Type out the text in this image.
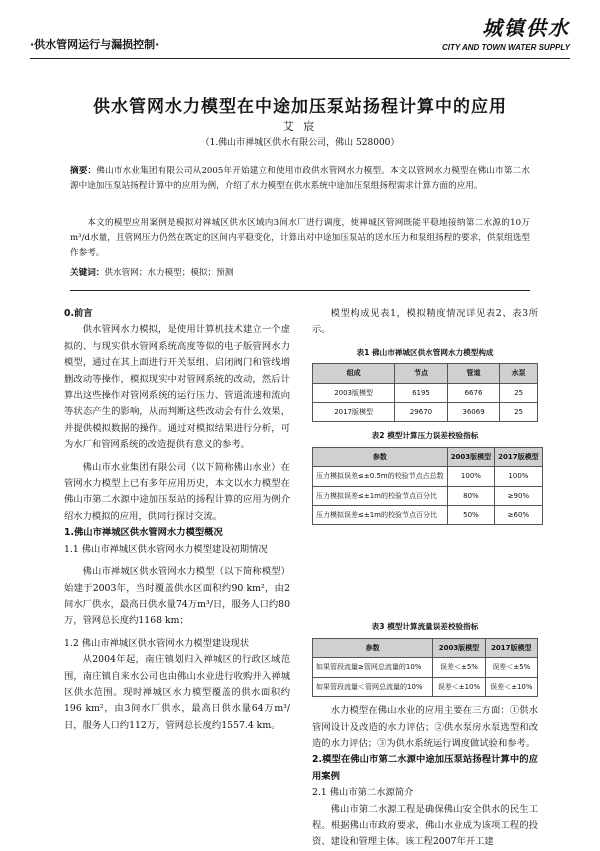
·供水管网运行与漏损控制·
城镇供水
CITY AND TOWN WATER SUPPLY
供水管网水力模型在中途加压泵站扬程计算中的应用
艾 宸
（1.佛山市禅城区供水有限公司，佛山 528000）
摘要：佛山市水业集团有限公司从2005年开始建立和使用市政供水管网水力模型。本文以管网水力模型在佛山市第二水源中途加压泵站扬程计算中的应用为例，介绍了水力模型在供水系统中途加压泵组扬程需求计算方面的应用。
本文的模型应用案例是模拟对禅城区供水区域内3间水厂进行调度，使禅城区管网既能平稳地接纳第二水源的10万m³/d水量，且管网压力仍然在既定的区间内平稳变化，计算出对中途加压泵站的送水压力和泵组扬程的要求，供泵组选型作参考。
关键词：供水管网；水力模型；模拟；预测

0.前言

供水管网水力模拟，是使用计算机技术建立一个虚拟的、与现实供水管网系统高度等似的电子版管网水力模型，通过在其上面进行开关泵组、启闭阀门和管线增删改动等操作，模拟现实中对管网系统的改动，然后计算出这些操作对管网系统的运行压力、管道流速和流向等状态产生的影响，从而判断这些改动会有什么效果，并提供模拟数据的操作。通过对模拟结果进行分析，可为水厂和管网系统的改造提供有意义的参考。

佛山市水业集团有限公司（以下简称佛山水业）在管网水力模型上已有多年应用历史，本文以水力模型在佛山市第二水源中途加压泵站的扬程计算的应用为例介绍水力模拟的应用，供同行探讨交流。

1.佛山市禅城区供水管网水力模型概况

1.1 佛山市禅城区供水管网水力模型建设初期情况

佛山市禅城区供水管网水力模型（以下简称模型）始建于2003年，当时覆盖供水区面积约90 km²，由2间水厂供水，最高日供水量74万m³/日，服务人口约80万，管网总长度约1168 km；

1.2 佛山市禅城区供水管网水力模型建设现状

从2004年起，南庄镇划归入禅城区的行政区域范围，南庄镇自来水公司也由佛山水业进行收购并入禅城区供水范围。现时禅城区水力模型覆盖的供水面积约196 km²，由3间水厂供水，最高日供水量64万m³/日，服务人口约112万，管网总长度约1557.4 km。

模型构成见表1，模拟精度情况详见表2、表3所示。

表1 佛山市禅城区供水管网水力模型构成
组成	节点	管道	水泵
2003版模型	6195	6676	25
2017版模型	29670	36069	25
表2 模型计算压力误差校验指标
参数	2003版模型	2017版模型
压力模拟误差≤±0.5m的校验节点占总数	100%	100%
压力模拟误差≤±1m的校验节点百分比	80%	≥90%
压力模拟误差≤±1m的校验节点百分比	50%	≥60%
表3 模型计算流量误差校验指标
参数	2003版模型	2017版模型
如果管段流量≥管网总流量的10%	误差＜±5%	误差＜±5%
如果管段流量＜管网总流量的10%	误差＜±10%	误差＜±10%

水力模型在佛山水业的应用主要在三方面：①供水管网设计及改造的水力评估；②供水泵房水泵选型和改造的水力评估；③为供水系统运行调度做试验和参考。

2.模型在佛山市第二水源中途加压泵站扬程计算中的应用案例

2.1 佛山市第二水源简介

佛山市第二水源工程是确保佛山安全供水的民生工程。根据佛山市政府要求，佛山水业成为该项工程的投资、建设和管理主体。该工程2007年开工建
